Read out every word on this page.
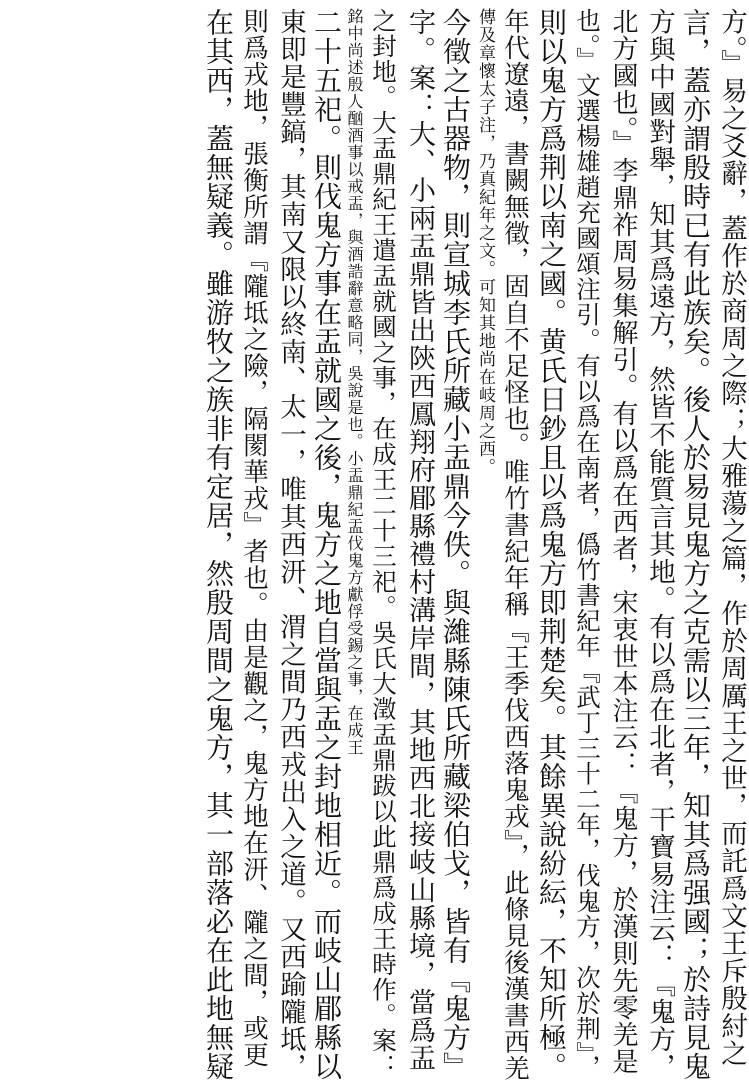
方。』易之爻辭，蓋作於商周之際；大雅蕩之篇，作於周厲王之世，而託爲文王斥殷紂之
言，蓋亦謂殷時已有此族矣。後人於易見鬼方之克需以三年，知其爲强國；於詩見鬼
方與中國對舉，知其爲遠方，然皆不能質言其地。有以爲在北者，干寶易注云：『鬼方，
北方國也。』李鼎祚周易集解引。有以爲在西者，宋衷世本注云：『鬼方，於漢則先零羌是
也。』文選楊雄趙充國頌注引。有以爲在南者，僞竹書紀年『武丁三十二年，伐鬼方，次於荆』，
則以鬼方爲荆以南之國。黄氏日鈔且以爲鬼方即荆楚矣。其餘異說紛紜，不知所極。
年代遼遠，書闕無徵，固自不足怪也。唯竹書紀年稱『王季伐西落鬼戎』，此條見後漢書西羌
傳及章懷太子注，乃真紀年之文。可知其地尚在岐周之西。
今徵之古器物，則宣城李氏所藏小盂鼎今佚。與濰縣陳氏所藏梁伯戈，皆有『鬼方』
字。案：大、小兩盂鼎皆出陝西鳳翔府郿縣禮村溝岸間，其地西北接岐山縣境，當爲盂
之封地。大盂鼎紀王遣盂就國之事，在成王二十三祀。吳氏大澂盂鼎跋以此鼎爲成王時作。案：
銘中尚述殷人酗酒事以戒盂，與酒誥辭意略同，吳說是也。小盂鼎紀盂伐鬼方獻俘受錫之事，在成王
二十五祀。則伐鬼方事在盂就國之後，鬼方之地自當與盂之封地相近。而岐山郿縣以
東即是豐鎬，其南又限以終南、太一，唯其西汧、渭之間乃西戎出入之道。又西踰隴坻，
則爲戎地，張衡所謂『隴坻之險，隔閡華戎』者也。由是觀之，鬼方地在汧、隴之間，或更
在其西，蓋無疑義。雖游牧之族非有定居，然殷周間之鬼方，其一部落必在此地無疑
